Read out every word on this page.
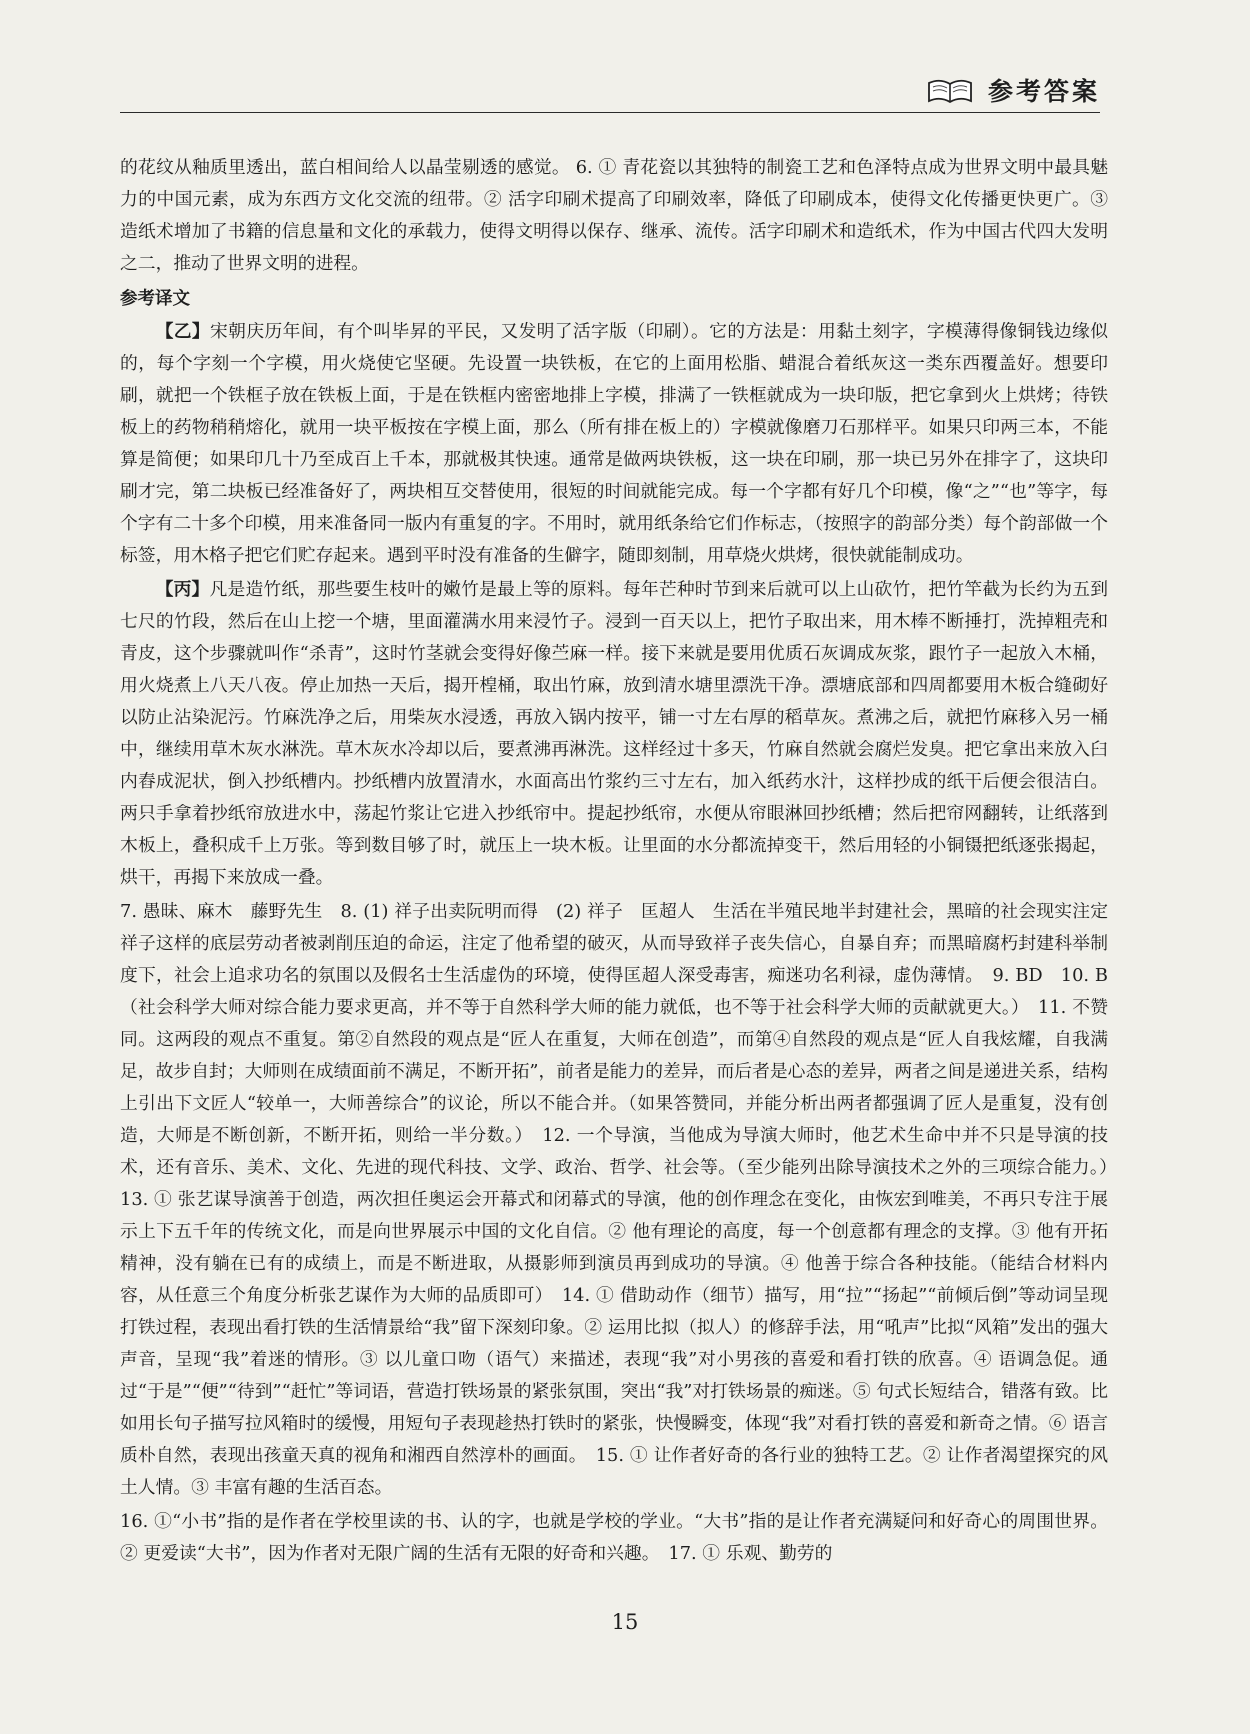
参考答案

的花纹从釉质里透出，蓝白相间给人以晶莹剔透的感觉。 6. ① 青花瓷以其独特的制瓷工艺和色泽特点成为世界文明中最具魅力的中国元素，成为东西方文化交流的纽带。② 活字印刷术提高了印刷效率，降低了印刷成本，使得文化传播更快更广。③ 造纸术增加了书籍的信息量和文化的承载力，使得文明得以保存、继承、流传。活字印刷术和造纸术，作为中国古代四大发明之二，推动了世界文明的进程。

参考译文

【乙】宋朝庆历年间，有个叫毕昇的平民，又发明了活字版（印刷）。它的方法是：用黏土刻字，字模薄得像铜钱边缘似的，每个字刻一个字模，用火烧使它坚硬。先设置一块铁板，在它的上面用松脂、蜡混合着纸灰这一类东西覆盖好。想要印刷，就把一个铁框子放在铁板上面，于是在铁框内密密地排上字模，排满了一铁框就成为一块印版，把它拿到火上烘烤；待铁板上的药物稍稍熔化，就用一块平板按在字模上面，那么（所有排在板上的）字模就像磨刀石那样平。如果只印两三本，不能算是简便；如果印几十乃至成百上千本，那就极其快速。通常是做两块铁板，这一块在印刷，那一块已另外在排字了，这块印刷才完，第二块板已经准备好了，两块相互交替使用，很短的时间就能完成。每一个字都有好几个印模，像“之”“也”等字，每个字有二十多个印模，用来准备同一版内有重复的字。不用时，就用纸条给它们作标志，（按照字的韵部分类）每个韵部做一个标签，用木格子把它们贮存起来。遇到平时没有准备的生僻字，随即刻制，用草烧火烘烤，很快就能制成功。

【丙】凡是造竹纸，那些要生枝叶的嫩竹是最上等的原料。每年芒种时节到来后就可以上山砍竹，把竹竿截为长约为五到七尺的竹段，然后在山上挖一个塘，里面灌满水用来浸竹子。浸到一百天以上，把竹子取出来，用木棒不断捶打，洗掉粗壳和青皮，这个步骤就叫作“杀青”，这时竹茎就会变得好像苎麻一样。接下来就是要用优质石灰调成灰浆，跟竹子一起放入木桶，用火烧煮上八天八夜。停止加热一天后，揭开楻桶，取出竹麻，放到清水塘里漂洗干净。漂塘底部和四周都要用木板合缝砌好以防止沾染泥污。竹麻洗净之后，用柴灰水浸透，再放入锅内按平，铺一寸左右厚的稻草灰。煮沸之后，就把竹麻移入另一桶中，继续用草木灰水淋洗。草木灰水冷却以后，要煮沸再淋洗。这样经过十多天，竹麻自然就会腐烂发臭。把它拿出来放入臼内舂成泥状，倒入抄纸槽内。抄纸槽内放置清水，水面高出竹浆约三寸左右，加入纸药水汁，这样抄成的纸干后便会很洁白。两只手拿着抄纸帘放进水中，荡起竹浆让它进入抄纸帘中。提起抄纸帘，水便从帘眼淋回抄纸槽；然后把帘网翻转，让纸落到木板上，叠积成千上万张。等到数目够了时，就压上一块木板。让里面的水分都流掉变干，然后用轻的小铜镊把纸逐张揭起，烘干，再揭下来放成一叠。

7. 愚昧、麻木　藤野先生　8. (1) 祥子出卖阮明而得　(2) 祥子　匡超人　生活在半殖民地半封建社会，黑暗的社会现实注定祥子这样的底层劳动者被剥削压迫的命运，注定了他希望的破灭，从而导致祥子丧失信心，自暴自弃；而黑暗腐朽封建科举制度下，社会上追求功名的氛围以及假名士生活虚伪的环境，使得匡超人深受毒害，痴迷功名利禄，虚伪薄情。　9. BD　10. B（社会科学大师对综合能力要求更高，并不等于自然科学大师的能力就低，也不等于社会科学大师的贡献就更大。）　11. 不赞同。这两段的观点不重复。第②自然段的观点是“匠人在重复，大师在创造”，而第④自然段的观点是“匠人自我炫耀，自我满足，故步自封；大师则在成绩面前不满足，不断开拓”，前者是能力的差异，而后者是心态的差异，两者之间是递进关系，结构上引出下文匠人“较单一，大师善综合”的议论，所以不能合并。（如果答赞同，并能分析出两者都强调了匠人是重复，没有创造，大师是不断创新，不断开拓，则给一半分数。）　12. 一个导演，当他成为导演大师时，他艺术生命中并不只是导演的技术，还有音乐、美术、文化、先进的现代科技、文学、政治、哲学、社会等。（至少能列出除导演技术之外的三项综合能力。）　13. ① 张艺谋导演善于创造，两次担任奥运会开幕式和闭幕式的导演，他的创作理念在变化，由恢宏到唯美，不再只专注于展示上下五千年的传统文化，而是向世界展示中国的文化自信。② 他有理论的高度，每一个创意都有理念的支撑。③ 他有开拓精神，没有躺在已有的成绩上，而是不断进取，从摄影师到演员再到成功的导演。④ 他善于综合各种技能。（能结合材料内容，从任意三个角度分析张艺谋作为大师的品质即可）　14. ① 借助动作（细节）描写，用“拉”“扬起”“前倾后倒”等动词呈现打铁过程，表现出看打铁的生活情景给“我”留下深刻印象。② 运用比拟（拟人）的修辞手法，用“吼声”比拟“风箱”发出的强大声音，呈现“我”着迷的情形。③ 以儿童口吻（语气）来描述，表现“我”对小男孩的喜爱和看打铁的欣喜。④ 语调急促。通过“于是”“便”“待到”“赶忙”等词语，营造打铁场景的紧张氛围，突出“我”对打铁场景的痴迷。⑤ 句式长短结合，错落有致。比如用长句子描写拉风箱时的缓慢，用短句子表现趁热打铁时的紧张，快慢瞬变，体现“我”对看打铁的喜爱和新奇之情。⑥ 语言质朴自然，表现出孩童天真的视角和湘西自然淳朴的画面。　15. ① 让作者好奇的各行业的独特工艺。② 让作者渴望探究的风土人情。③ 丰富有趣的生活百态。

16. ①“小书”指的是作者在学校里读的书、认的字，也就是学校的学业。“大书”指的是让作者充满疑问和好奇心的周围世界。② 更爱读“大书”，因为作者对无限广阔的生活有无限的好奇和兴趣。　17. ① 乐观、勤劳的

15
